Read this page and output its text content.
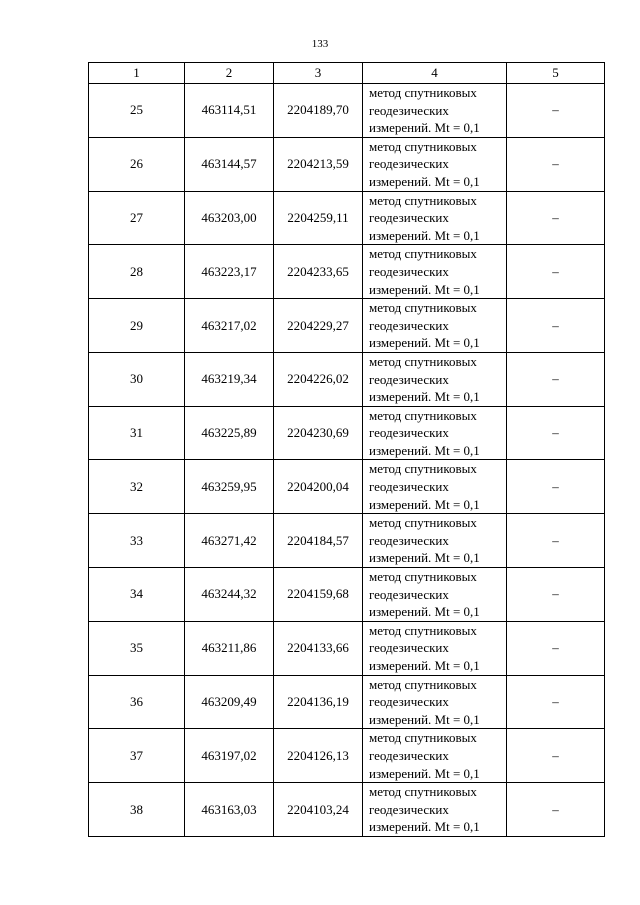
133
1	2	3	4	5
25	463114,51	2204189,70	метод спутниковых
геодезических
измерений. Mt = 0,1	–
26	463144,57	2204213,59	метод спутниковых
геодезических
измерений. Mt = 0,1	–
27	463203,00	2204259,11	метод спутниковых
геодезических
измерений. Mt = 0,1	–
28	463223,17	2204233,65	метод спутниковых
геодезических
измерений. Mt = 0,1	–
29	463217,02	2204229,27	метод спутниковых
геодезических
измерений. Mt = 0,1	–
30	463219,34	2204226,02	метод спутниковых
геодезических
измерений. Mt = 0,1	–
31	463225,89	2204230,69	метод спутниковых
геодезических
измерений. Mt = 0,1	–
32	463259,95	2204200,04	метод спутниковых
геодезических
измерений. Mt = 0,1	–
33	463271,42	2204184,57	метод спутниковых
геодезических
измерений. Mt = 0,1	–
34	463244,32	2204159,68	метод спутниковых
геодезических
измерений. Mt = 0,1	–
35	463211,86	2204133,66	метод спутниковых
геодезических
измерений. Mt = 0,1	–
36	463209,49	2204136,19	метод спутниковых
геодезических
измерений. Mt = 0,1	–
37	463197,02	2204126,13	метод спутниковых
геодезических
измерений. Mt = 0,1	–
38	463163,03	2204103,24	метод спутниковых
геодезических
измерений. Mt = 0,1	–
